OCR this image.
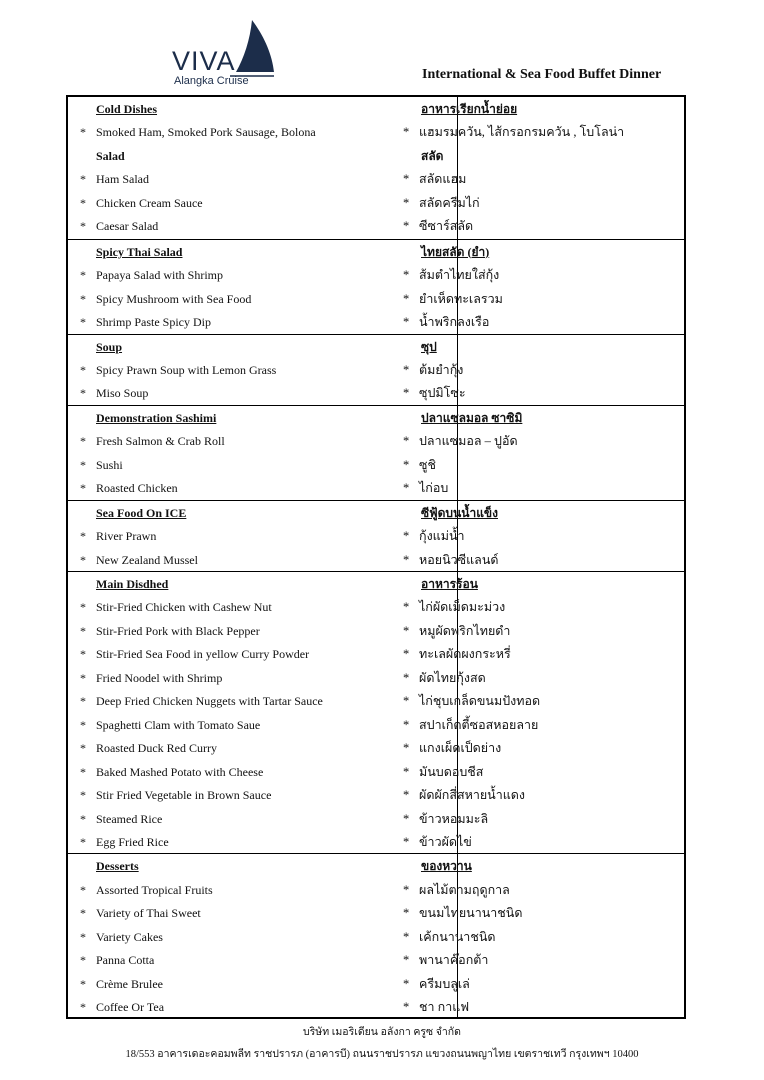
VIVA
Alangka Cruise	International & Sea Food Buffet Dinner
Cold Dishes	อาหารเรียกน้ำย่อย
* Smoked Ham, Smoked Pork Sausage, Bolona	* แฮมรมควัน, ไส้กรอกรมควัน , โบโลน่า
Salad	สลัด
* Ham Salad	* สลัดแฮม
* Chicken Cream Sauce	* สลัดครีมไก่
* Caesar Salad	* ซีซาร์สลัด
Spicy Thai Salad	ไทยสลัด (ยำ)
* Papaya Salad with Shrimp	* ส้มตำไทยใส่กุ้ง
* Spicy Mushroom with Sea Food	* ยำเห็ดทะเลรวม
* Shrimp Paste Spicy Dip	* น้ำพริกลงเรือ
Soup	ซุป
* Spicy Prawn Soup with Lemon Grass	* ต้มยำกุ้ง
* Miso Soup	* ซุปมิโซะ
Demonstration Sashimi	ปลาแซลมอล ซาซิมิ
* Fresh Salmon & Crab Roll	* ปลาแซมอล – ปูอัด
* Sushi	* ซูชิ
* Roasted Chicken	* ไก่อบ
Sea Food On ICE	ซีฟู้ดบนน้ำแข็ง
* River Prawn	* กุ้งแม่น้ำ
* New Zealand Mussel	* หอยนิวซีแลนด์
Main Disdhed	อาหารร้อน
* Stir-Fried Chicken with Cashew Nut	* ไก่ผัดเม็ดมะม่วง
* Stir-Fried Pork with Black Pepper	* หมูผัดพริกไทยดำ
* Stir-Fried Sea Food in yellow Curry Powder	* ทะเลผัดผงกระหรี่
* Fried Noodel with Shrimp	* ผัดไทยกุ้งสด
* Deep Fried Chicken Nuggets with Tartar Sauce	* ไก่ชุบเกล็ดขนมปังทอด
* Spaghetti Clam with Tomato Saue	* สปาเก็ตตี้ซอสหอยลาย
* Roasted Duck Red Curry	* แกงเผ็ดเป็ดย่าง
* Baked Mashed Potato with Cheese	* มันบดอบชีส
* Stir Fried Vegetable in Brown Sauce	* ผัดผักสี่สหายน้ำแดง
* Steamed Rice	* ข้าวหอมมะลิ
* Egg Fried Rice	* ข้าวผัดไข่
Desserts	ของหวาน
* Assorted Tropical Fruits	* ผลไม้ตามฤดูกาล
* Variety of Thai Sweet	* ขนมไทยนานาชนิด
* Variety Cakes	* เค้กนานาชนิด
* Panna Cotta	* พานาค๊อกต้า
* Crème Brulee	* ครีมบลูเล่
* Coffee Or Tea	* ชา กาแฟ
บริษัท เมอริเดียน อลังกา ครูซ จำกัด
18/553 อาคารเดอะคอมพลีท ราชปรารภ (อาคารบี) ถนนราชปรารภ แขวงถนนพญาไทย เขตราชเทวี กรุงเทพฯ 10400
